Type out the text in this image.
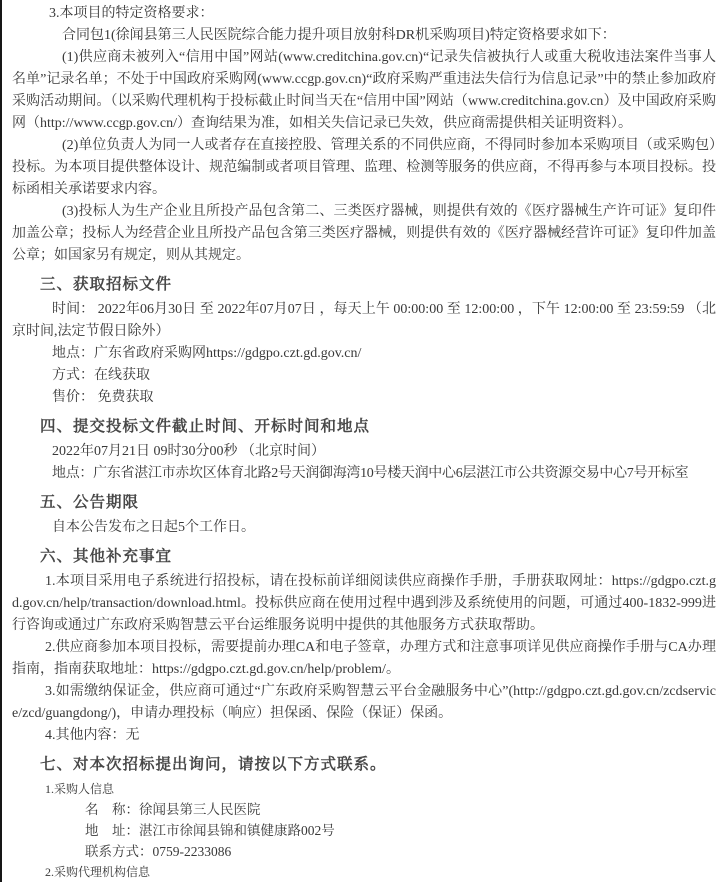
3.本项目的特定资格要求：

合同包1(徐闻县第三人民医院综合能力提升项目放射科DR机采购项目)特定资格要求如下：

(1)供应商未被列入“信用中国”网站(www.creditchina.gov.cn)“记录失信被执行人或重大税收违法案件当事人名单”记录名单；不处于中国政府采购网(www.ccgp.gov.cn)“政府采购严重违法失信行为信息记录”中的禁止参加政府采购活动期间。（以采购代理机构于投标截止时间当天在“信用中国”网站（www.creditchina.gov.cn）及中国政府采购网（http://www.ccgp.gov.cn/）查询结果为准，如相关失信记录已失效，供应商需提供相关证明资料）。

(2)单位负责人为同一人或者存在直接控股、管理关系的不同供应商，不得同时参加本采购项目（或采购包）投标。为本项目提供整体设计、规范编制或者项目管理、监理、检测等服务的供应商，不得再参与本项目投标。投标函相关承诺要求内容。

(3)投标人为生产企业且所投产品包含第二、三类医疗器械，则提供有效的《医疗器械生产许可证》复印件加盖公章；投标人为经营企业且所投产品包含第三类医疗器械，则提供有效的《医疗器械经营许可证》复印件加盖公章；如国家另有规定，则从其规定。

三、获取招标文件

时间： 2022年06月30日 至 2022年07月07日 ，每天上午 00:00:00 至 12:00:00 ，下午 12:00:00 至 23:59:59 （北京时间,法定节假日除外）

地点：广东省政府采购网https://gdgpo.czt.gd.gov.cn/

方式：在线获取

售价： 免费获取

四、提交投标文件截止时间、开标时间和地点

2022年07月21日 09时30分00秒 （北京时间）

地点：广东省湛江市赤坎区体育北路2号天润御海湾10号楼天润中心6层湛江市公共资源交易中心7号开标室

五、公告期限

自本公告发布之日起5个工作日。

六、其他补充事宜

1.本项目采用电子系统进行招投标，请在投标前详细阅读供应商操作手册，手册获取网址：https://gdgpo.czt.gd.gov.cn/help/transaction/download.html。投标供应商在使用过程中遇到涉及系统使用的问题，可通过400-1832-999进行咨询或通过广东政府采购智慧云平台运维服务说明中提供的其他服务方式获取帮助。

2.供应商参加本项目投标，需要提前办理CA和电子签章，办理方式和注意事项详见供应商操作手册与CA办理指南，指南获取地址：https://gdgpo.czt.gd.gov.cn/help/problem/。

3.如需缴纳保证金，供应商可通过“广东政府采购智慧云平台金融服务中心”(http://gdgpo.czt.gd.gov.cn/zcdservice/zcd/guangdong/)，申请办理投标（响应）担保函、保险（保证）保函。

4.其他内容：无

七、对本次招标提出询问，请按以下方式联系。

1.采购人信息

名　称：徐闻县第三人民医院

地　址：湛江市徐闻县锦和镇健康路002号

联系方式：0759-2233086

2.采购代理机构信息
